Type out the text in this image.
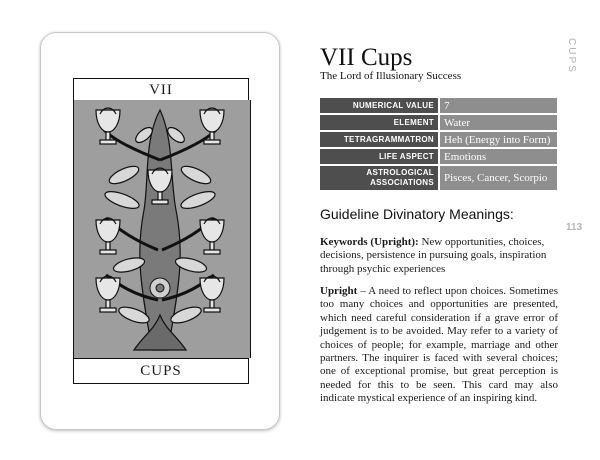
VII
CUPS
VII Cups
The Lord of Illusionary Success
CUPS
113
NUMERICAL VALUE	7
ELEMENT	Water
TETRAGRAMMATRON	Heh (Energy into Form)
LIFE ASPECT	Emotions
ASTROLOGICAL ASSOCIATIONS	Pisces, Cancer, Scorpio
Guideline Divinatory Meanings:

Keywords (Upright): New opportunities, choices, decisions, persistence in pursuing goals, inspiration through psychic experiences

Upright – A need to reflect upon choices. Sometimes too many choices and opportunities are presented, which need careful consideration if a grave error of judgement is to be avoided. May refer to a variety of choices of people; for example, marriage and other partners. The inquirer is faced with several choices; one of exceptional promise, but great perception is needed for this to be seen. This card may also indicate mystical experience of an inspiring kind.
